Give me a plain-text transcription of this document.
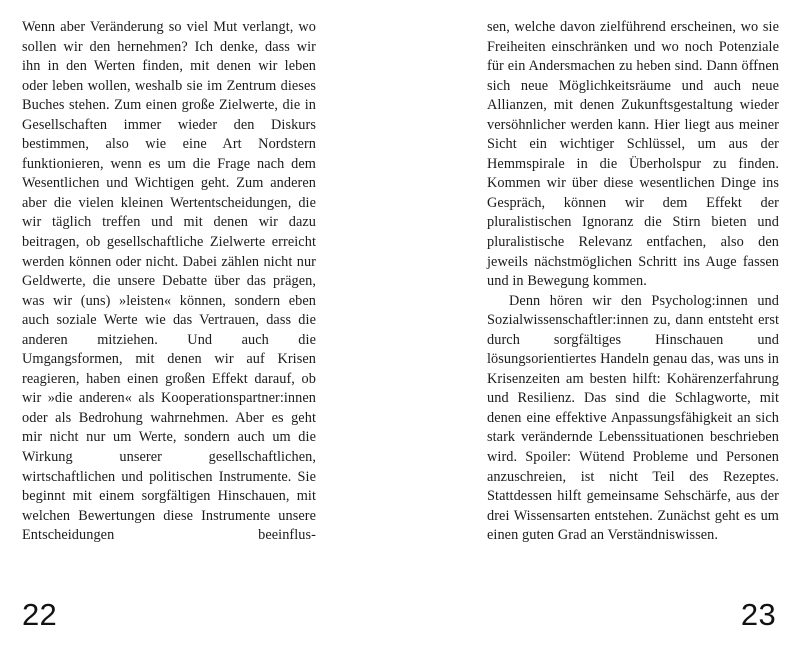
Wenn aber Veränderung so viel Mut verlangt, wo sollen wir den hernehmen? Ich denke, dass wir ihn in den Werten finden, mit denen wir leben oder leben wollen, weshalb sie im Zentrum dieses Buches stehen. Zum einen große Zielwerte, die in Gesellschaften immer wieder den Diskurs bestimmen, also wie eine Art Nordstern funktionieren, wenn es um die Frage nach dem Wesentlichen und Wichtigen geht. Zum anderen aber die vielen kleinen Wertentscheidungen, die wir täglich treffen und mit denen wir dazu beitragen, ob gesellschaftliche Zielwerte erreicht werden können oder nicht. Dabei zählen nicht nur Geldwerte, die unsere Debatte über das prägen, was wir (uns) »leisten« können, sondern eben auch soziale Werte wie das Vertrauen, dass die anderen mitziehen. Und auch die Umgangsformen, mit denen wir auf Krisen reagieren, haben einen großen Effekt darauf, ob wir »die anderen« als Kooperationspartner:innen oder als Bedrohung wahrnehmen. Aber es geht mir nicht nur um Werte, sondern auch um die Wirkung unserer gesellschaftlichen, wirtschaftlichen und politischen Instrumente. Sie beginnt mit einem sorgfältigen Hinschauen, mit welchen Bewertungen diese Instrumente unsere Entscheidungen beeinflus-

22

sen, welche davon zielführend erscheinen, wo sie Freiheiten einschränken und wo noch Potenziale für ein Andersmachen zu heben sind. Dann öffnen sich neue Möglichkeitsräume und auch neue Allianzen, mit denen Zukunftsgestaltung wieder versöhnlicher werden kann. Hier liegt aus meiner Sicht ein wichtiger Schlüssel, um aus der Hemmspirale in die Überholspur zu finden. Kommen wir über diese wesentlichen Dinge ins Gespräch, können wir dem Effekt der pluralistischen Ignoranz die Stirn bieten und pluralistische Relevanz entfachen, also den jeweils nächstmöglichen Schritt ins Auge fassen und in Bewegung kommen.

Denn hören wir den Psycholog:innen und Sozialwissenschaftler:innen zu, dann entsteht erst durch sorgfältiges Hinschauen und lösungsorientiertes Handeln genau das, was uns in Krisenzeiten am besten hilft: Kohärenzerfahrung und Resilienz. Das sind die Schlagworte, mit denen eine effektive Anpassungsfähigkeit an sich stark verändernde Lebenssituationen beschrieben wird. Spoiler: Wütend Probleme und Personen anzuschreien, ist nicht Teil des Rezeptes. Stattdessen hilft gemeinsame Sehschärfe, aus der drei Wissensarten entstehen. Zunächst geht es um einen guten Grad an Verständniswissen.

23
